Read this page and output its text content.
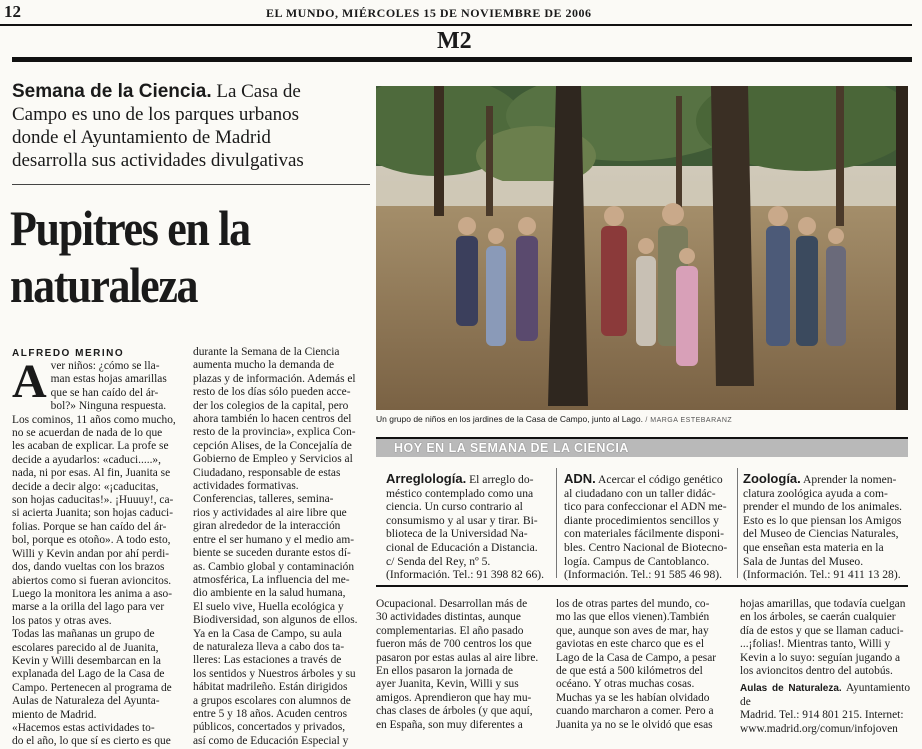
12	EL MUNDO, MIÉRCOLES 15 DE NOVIEMBRE DE 2006
M2
Semana de la Ciencia. La Casa de
Campo es uno de los parques urbanos
donde el Ayuntamiento de Madrid
desarrolla sus actividades divulgativas
Pupitres en la
naturaleza
ALFREDO MERINO
A ver niños: ¿cómo se lla-
man estas hojas amarillas
que se han caído del ár-
bol?» Ninguna respuesta.
Los cominos, 11 años como mucho,
no se acuerdan de nada de lo que
les acaban de explicar. La profe se
decide a ayudarlos: «caduci.....»,
nada, ni por esas. Al fin, Juanita se
decide a decir algo: «¡caducitas,
son hojas caducitas!». ¡Huuuy!, ca-
si acierta Juanita; son hojas caduci-
folias. Porque se han caído del ár-
bol, porque es otoño». A todo esto,
Willi y Kevin andan por ahí perdi-
dos, dando vueltas con los brazos
abiertos como si fueran avioncitos.
Luego la monitora les anima a aso-
marse a la orilla del lago para ver
los patos y otras aves.
Todas las mañanas un grupo de
escolares parecido al de Juanita,
Kevin y Willi desembarcan en la
explanada del Lago de la Casa de
Campo. Pertenecen al programa de
Aulas de Naturaleza del Ayunta-
miento de Madrid.
«Hacemos estas actividades to-
do el año, lo que sí es cierto es que
durante la Semana de la Ciencia
aumenta mucho la demanda de
plazas y de información. Además el
resto de los días sólo pueden acce-
der los colegios de la capital, pero
ahora también lo hacen centros del
resto de la provincia», explica Con-
cepción Alises, de la Concejalía de
Gobierno de Empleo y Servicios al
Ciudadano, responsable de estas
actividades formativas.
Conferencias, talleres, semina-
rios y actividades al aire libre que
giran alrededor de la interacción
entre el ser humano y el medio am-
biente se suceden durante estos dí-
as. Cambio global y contaminación
atmosférica, La influencia del me-
dio ambiente en la salud humana,
El suelo vive, Huella ecológica y
Biodiversidad, son algunos de ellos.
Ya en la Casa de Campo, su aula
de naturaleza lleva a cabo dos ta-
lleres: Las estaciones a través de
los sentidos y Nuestros árboles y su
hábitat madrileño. Están dirigidos
a grupos escolares con alumnos de
entre 5 y 18 años. Acuden centros
públicos, concertados y privados,
así como de Educación Especial y
Un grupo de niños en los jardines de la Casa de Campo, junto al Lago. / MARGA ESTEBARANZ
HOY EN LA SEMANA DE LA CIENCIA
Arreglología. El arreglo do-
méstico contemplado como una
ciencia. Un curso contrario al
consumismo y al usar y tirar. Bi-
blioteca de la Universidad Na-
cional de Educación a Distancia.
c/ Senda del Rey, nº 5.
(Información. Tel.: 91 398 82 66).
ADN. Acercar el código genético
al ciudadano con un taller didác-
tico para confeccionar el ADN me-
diante procedimientos sencillos y
con materiales fácilmente disponi-
bles. Centro Nacional de Biotecno-
logía. Campus de Cantoblanco.
(Información. Tel.: 91 585 46 98).
Zoología. Aprender la nomen-
clatura zoológica ayuda a com-
prender el mundo de los animales.
Esto es lo que piensan los Amigos
del Museo de Ciencias Naturales,
que enseñan esta materia en la
Sala de Juntas del Museo.
(Información. Tel.: 91 411 13 28).
Ocupacional. Desarrollan más de
30 actividades distintas, aunque
complementarias. El año pasado
fueron más de 700 centros los que
pasaron por estas aulas al aire libre.
En ellos pasaron la jornada de
ayer Juanita, Kevin, Willi y sus
amigos. Aprendieron que hay mu-
chas clases de árboles (y que aquí,
en España, son muy diferentes a
los de otras partes del mundo, co-
mo las que ellos vienen).También
que, aunque son aves de mar, hay
gaviotas en este charco que es el
Lago de la Casa de Campo, a pesar
de que está a 500 kilómetros del
océano. Y otras muchas cosas.
Muchas ya se les habían olvidado
cuando marcharon a comer. Pero a
Juanita ya no se le olvidó que esas
hojas amarillas, que todavía cuelgan
en los árboles, se caerán cualquier
día de estos y que se llaman caduci-
...¡folias!. Mientras tanto, Willi y
Kevin a lo suyo: seguían jugando a
los avioncitos dentro del autobús.
Aulas de Naturaleza. Ayuntamiento de
Madrid. Tel.: 914 801 215. Internet:
www.madrid.org/comun/infojoven
